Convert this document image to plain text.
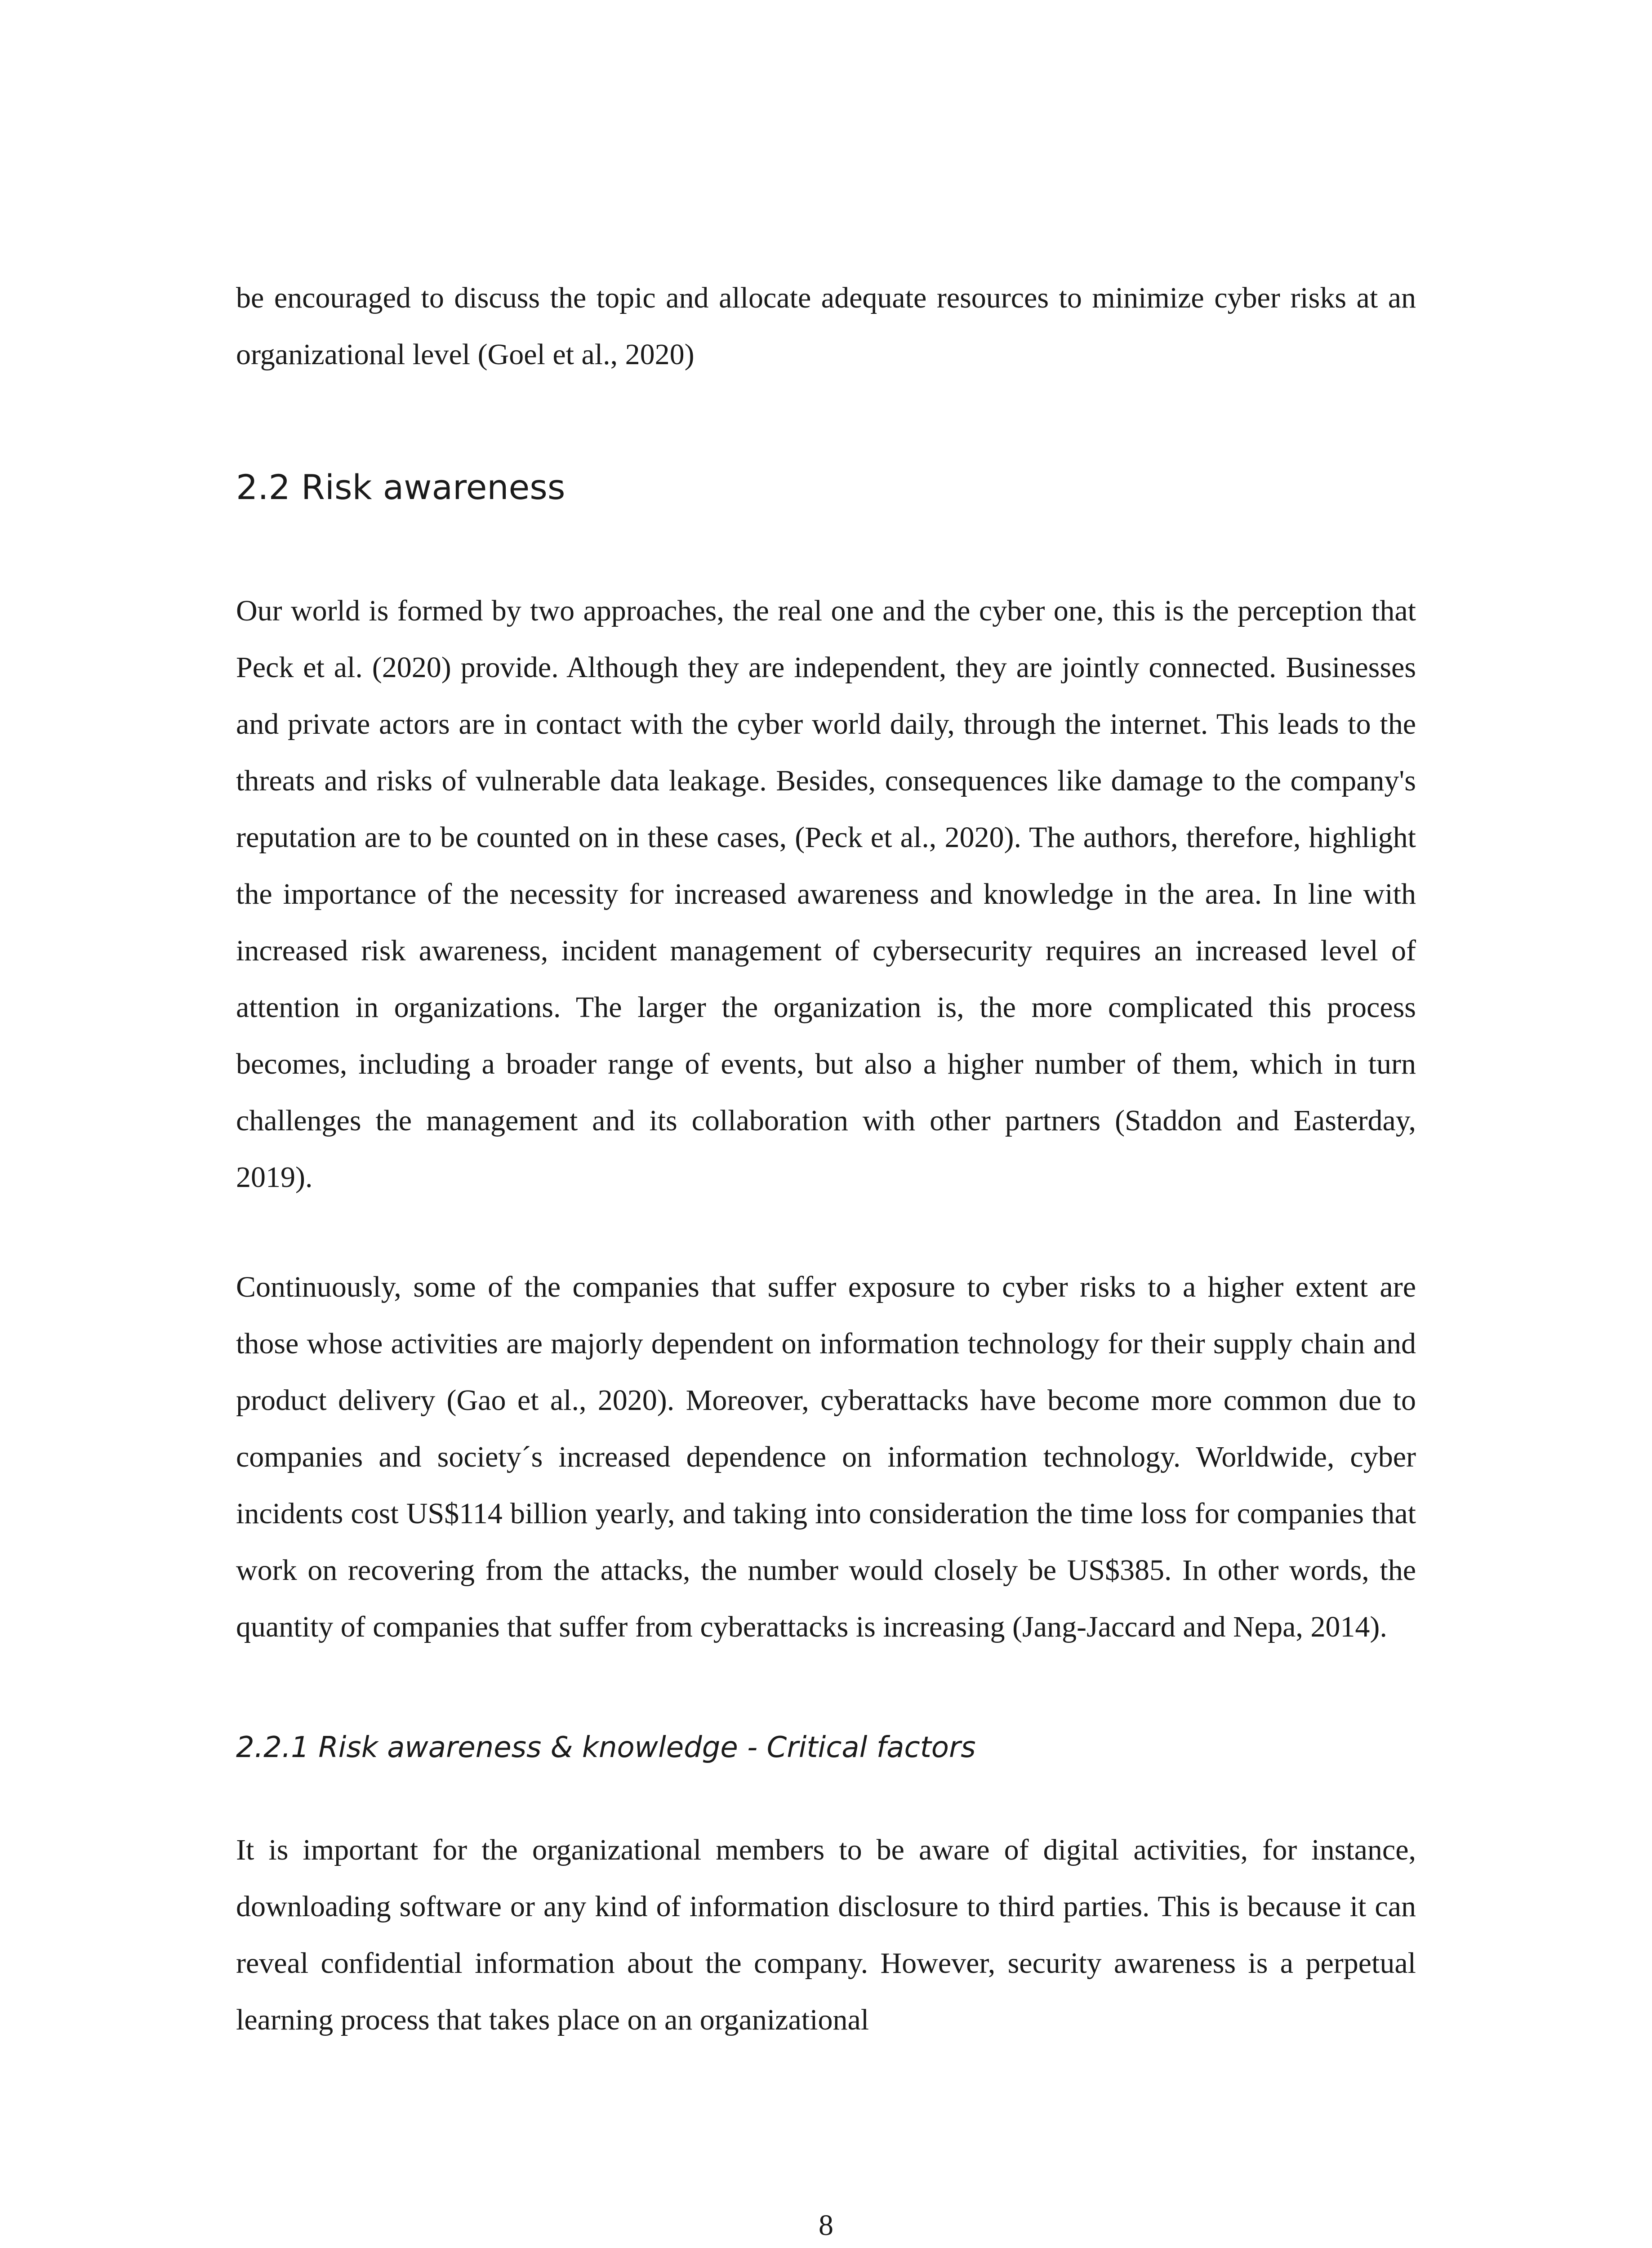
be encouraged to discuss the topic and allocate adequate resources to minimize cyber risks at an organizational level (Goel et al., 2020)

2.2 Risk awareness

Our world is formed by two approaches, the real one and the cyber one, this is the perception that Peck et al. (2020) provide. Although they are independent, they are jointly connected. Businesses and private actors are in contact with the cyber world daily, through the internet. This leads to the threats and risks of vulnerable data leakage. Besides, consequences like damage to the company's reputation are to be counted on in these cases, (Peck et al., 2020). The authors, therefore, highlight the importance of the necessity for increased awareness and knowledge in the area. In line with increased risk awareness, incident management of cybersecurity requires an increased level of attention in organizations. The larger the organization is, the more complicated this process becomes, including a broader range of events, but also a higher number of them, which in turn challenges the management and its collaboration with other partners (Staddon and Easterday, 2019).

Continuously, some of the companies that suffer exposure to cyber risks to a higher extent are those whose activities are majorly dependent on information technology for their supply chain and product delivery (Gao et al., 2020). Moreover, cyberattacks have become more common due to companies and society´s increased dependence on information technology. Worldwide, cyber incidents cost US$114 billion yearly, and taking into consideration the time loss for companies that work on recovering from the attacks, the number would closely be US$385. In other words, the quantity of companies that suffer from cyberattacks is increasing (Jang-Jaccard and Nepa, 2014).

2.2.1 Risk awareness & knowledge - Critical factors

It is important for the organizational members to be aware of digital activities, for instance, downloading software or any kind of information disclosure to third parties. This is because it can reveal confidential information about the company. However, security awareness is a perpetual learning process that takes place on an organizational

8
